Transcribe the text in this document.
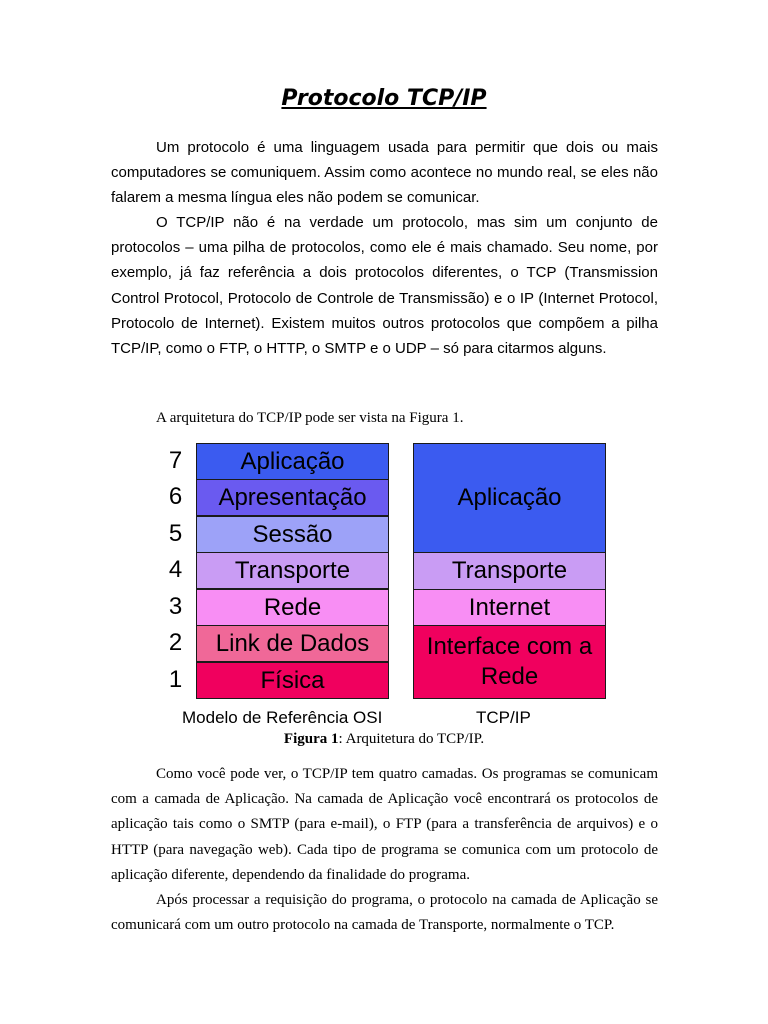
Protocolo TCP/IP

Um protocolo é uma linguagem usada para permitir que dois ou mais computadores se comuniquem. Assim como acontece no mundo real, se eles não falarem a mesma língua eles não podem se comunicar.

O TCP/IP não é na verdade um protocolo, mas sim um conjunto de protocolos – uma pilha de protocolos, como ele é mais chamado. Seu nome, por exemplo, já faz referência a dois protocolos diferentes, o TCP (Transmission Control Protocol, Protocolo de Controle de Transmissão) e o IP (Internet Protocol, Protocolo de Internet). Existem muitos outros protocolos que compõem a pilha TCP/IP, como o FTP, o HTTP, o SMTP e o UDP – só para citarmos alguns.

A arquitetura do TCP/IP pode ser vista na Figura 1.

7
6
5
4
3
2
1
Aplicação
Apresentação
Sessão
Transporte
Rede
Link de Dados
Física
Aplicação
Transporte
Internet
Interface com a Rede
Modelo de Referência OSI	TCP/IP
Figura 1: Arquitetura do TCP/IP.

Como você pode ver, o TCP/IP tem quatro camadas. Os programas se comunicam com a camada de Aplicação. Na camada de Aplicação você encontrará os protocolos de aplicação tais como o SMTP (para e-mail), o FTP (para a transferência de arquivos) e o HTTP (para navegação web). Cada tipo de programa se comunica com um protocolo de aplicação diferente, dependendo da finalidade do programa.

Após processar a requisição do programa, o protocolo na camada de Aplicação se comunicará com um outro protocolo na camada de Transporte, normalmente o TCP.
